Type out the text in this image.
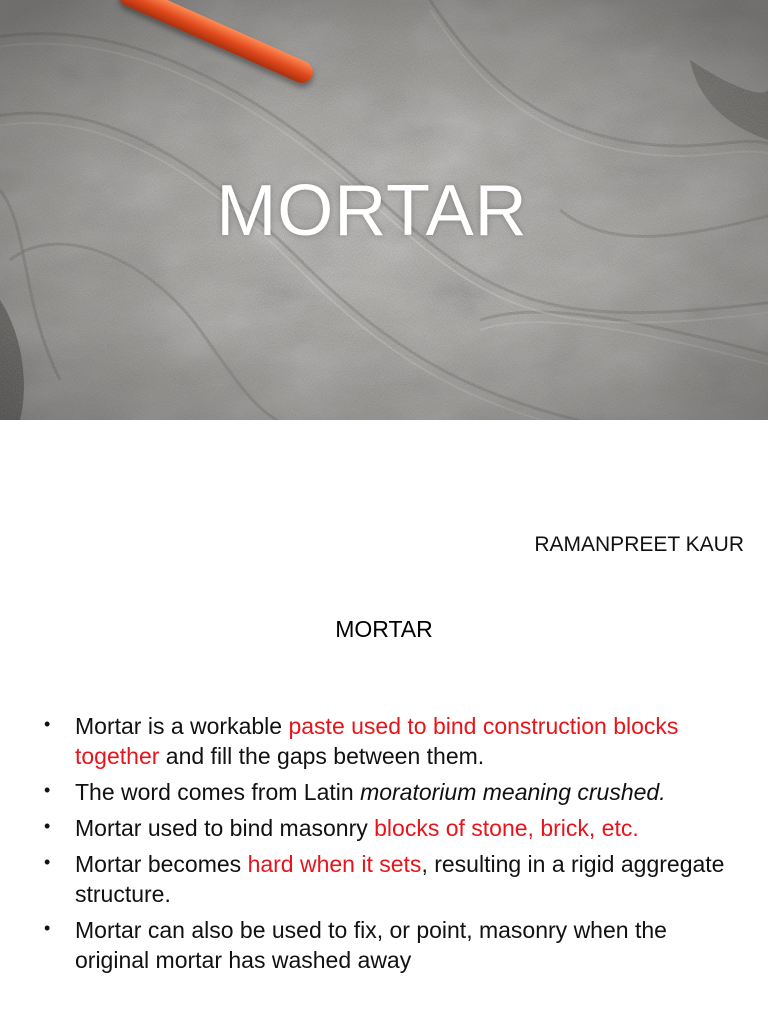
MORTAR
RAMANPREET KAUR
MORTAR
• Mortar is a workable paste used to bind construction blocks together and fill the gaps between them.
• The word comes from Latin moratorium meaning crushed.
• Mortar used to bind masonry blocks of stone, brick, etc.
• Mortar becomes hard when it sets, resulting in a rigid aggregate structure.
• Mortar can also be used to fix, or point, masonry when the original mortar has washed away
